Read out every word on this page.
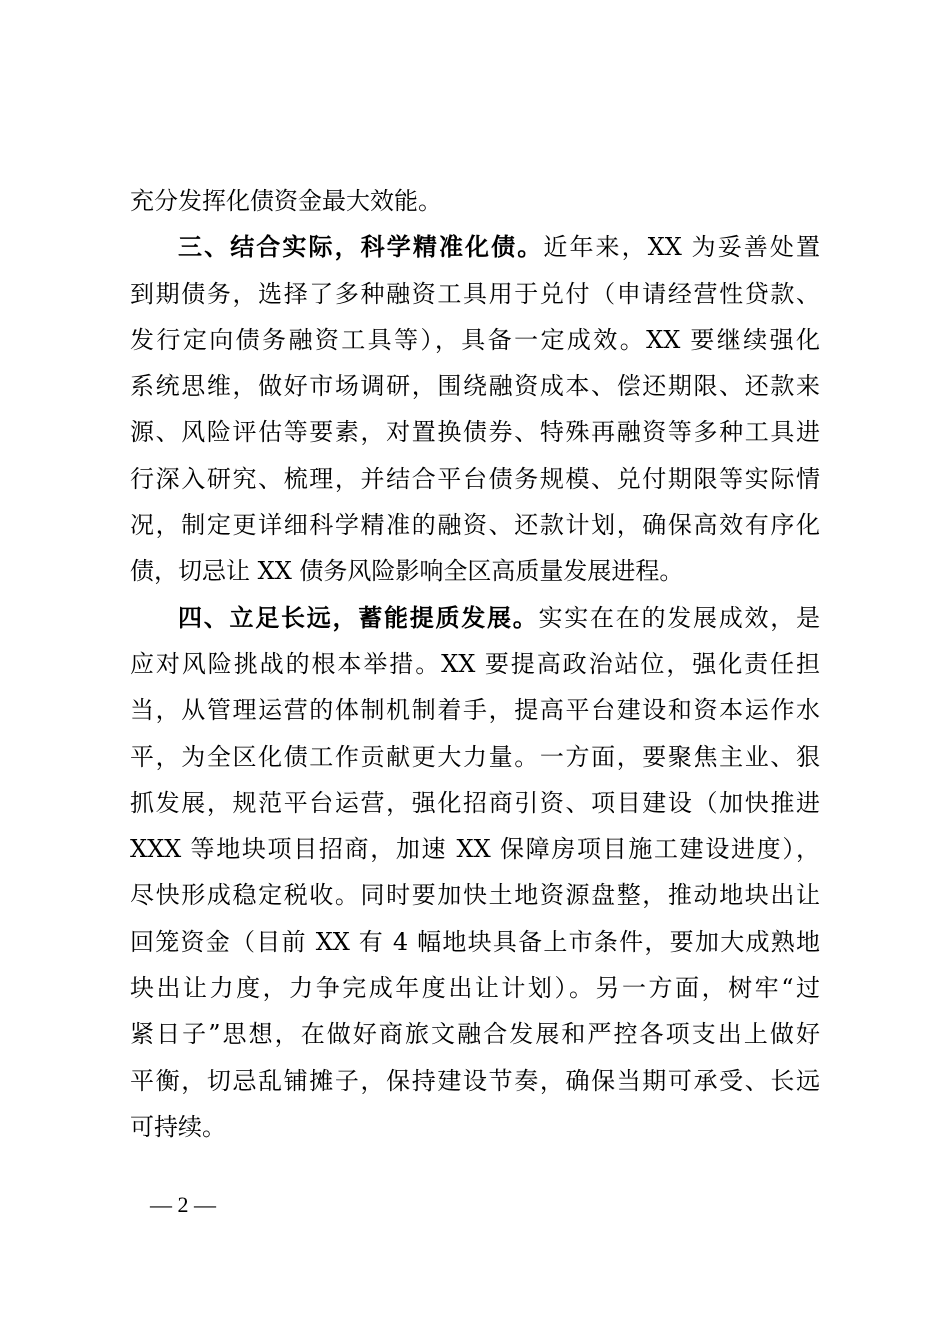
充分发挥化债资金最大效能。
三、结合实际，科学精准化债。近年来，XX 为妥善处置
到期债务，选择了多种融资工具用于兑付（申请经营性贷款、
发行定向债务融资工具等），具备一定成效。XX 要继续强化
系统思维，做好市场调研，围绕融资成本、偿还期限、还款来
源、风险评估等要素，对置换债券、特殊再融资等多种工具进
行深入研究、梳理，并结合平台债务规模、兑付期限等实际情
况，制定更详细科学精准的融资、还款计划，确保高效有序化
债，切忌让 XX 债务风险影响全区高质量发展进程。
四、立足长远，蓄能提质发展。实实在在的发展成效，是
应对风险挑战的根本举措。XX 要提高政治站位，强化责任担
当，从管理运营的体制机制着手，提高平台建设和资本运作水
平，为全区化债工作贡献更大力量。一方面，要聚焦主业、狠
抓发展，规范平台运营，强化招商引资、项目建设（加快推进
XXX 等地块项目招商，加速 XX 保障房项目施工建设进度），
尽快形成稳定税收。同时要加快土地资源盘整，推动地块出让
回笼资金（目前 XX 有 4 幅地块具备上市条件，要加大成熟地
块出让力度，力争完成年度出让计划）。另一方面，树牢“过
紧日子”思想，在做好商旅文融合发展和严控各项支出上做好
平衡，切忌乱铺摊子，保持建设节奏，确保当期可承受、长远
可持续。
— 2 —
